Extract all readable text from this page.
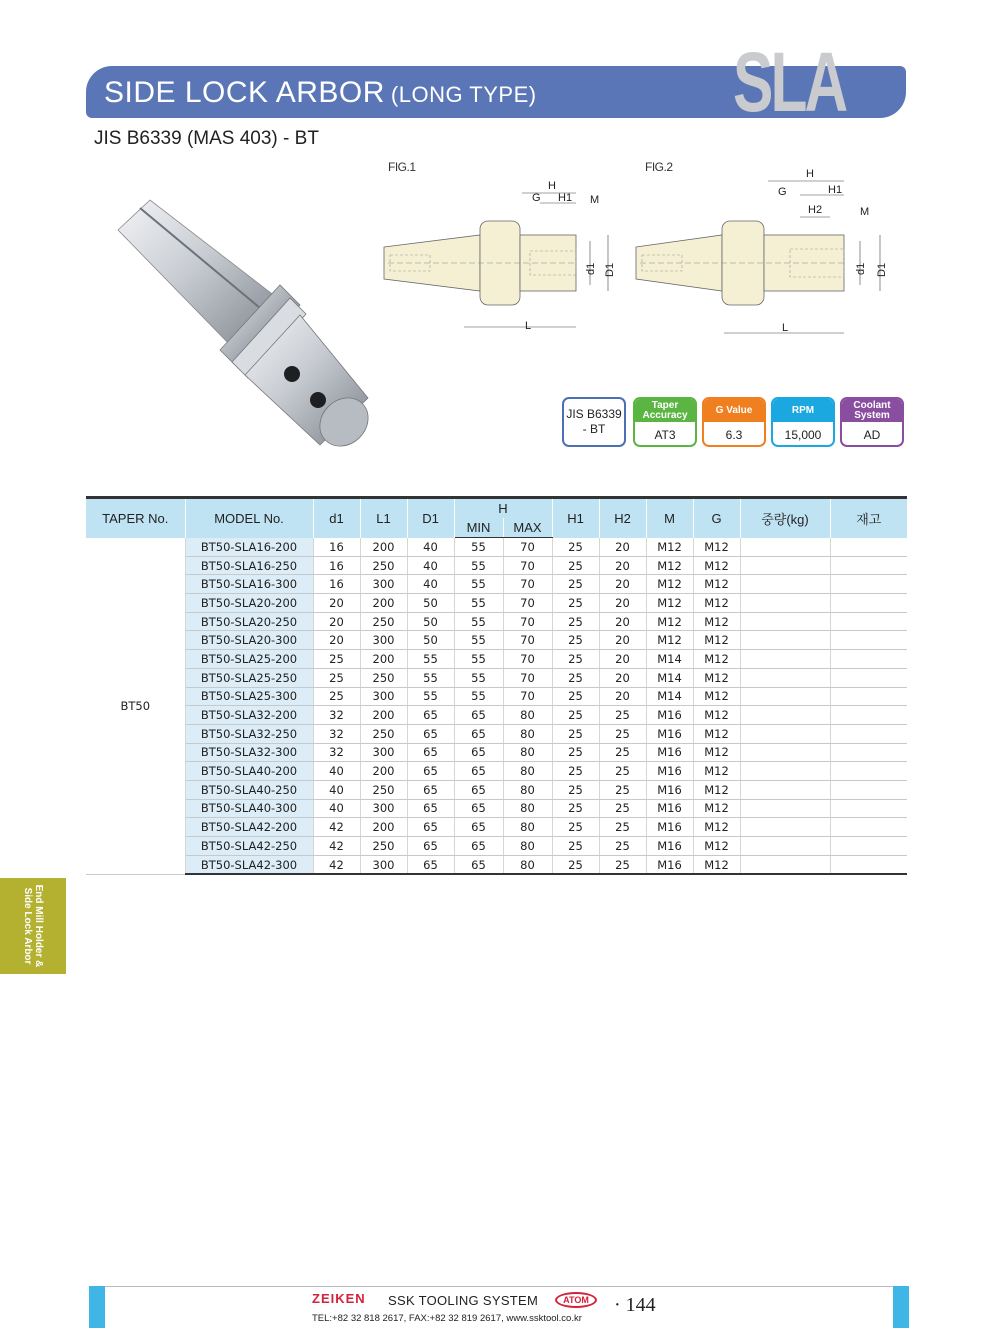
SIDE LOCK ARBOR (LONG TYPE) SLA
JIS B6339 (MAS 403) - BT
FIG.1	FIG.2
H
G H1 M
L
d1 D1
H
G	H1
H2	M
L
d1 D1
JIS B6339
- BT
Taper Accuracy
AT3
G Value
6.3
RPM
15,000
Coolant System
AD
TAPER No.	MODEL No.	d1	L1	D1	H		H1	H2	M	G	중량(kg)	재고
					MIN	MAX						
BT50	BT50-SLA16-200	16	200	40	55	70	25	20	M12	M12		
	BT50-SLA16-250	16	250	40	55	70	25	20	M12	M12		
	BT50-SLA16-300	16	300	40	55	70	25	20	M12	M12		
	BT50-SLA20-200	20	200	50	55	70	25	20	M12	M12		
	BT50-SLA20-250	20	250	50	55	70	25	20	M12	M12		
	BT50-SLA20-300	20	300	50	55	70	25	20	M12	M12		
	BT50-SLA25-200	25	200	55	55	70	25	20	M14	M12		
	BT50-SLA25-250	25	250	55	55	70	25	20	M14	M12		
	BT50-SLA25-300	25	300	55	55	70	25	20	M14	M12		
	BT50-SLA32-200	32	200	65	65	80	25	25	M16	M12		
	BT50-SLA32-250	32	250	65	65	80	25	25	M16	M12		
	BT50-SLA32-300	32	300	65	65	80	25	25	M16	M12		
	BT50-SLA40-200	40	200	65	65	80	25	25	M16	M12		
	BT50-SLA40-250	40	250	65	65	80	25	25	M16	M12		
	BT50-SLA40-300	40	300	65	65	80	25	25	M16	M12		
	BT50-SLA42-200	42	200	65	65	80	25	25	M16	M12		
	BT50-SLA42-250	42	250	65	65	80	25	25	M16	M12		
	BT50-SLA42-300	42	300	65	65	80	25	25	M16	M12		
End Mill Holder &
Side Lock Arbor
ZEIKEN SSK TOOLING SYSTEM	ATOM
TEL:+82 32 818 2617, FAX:+82 32 819 2617, www.ssktool.co.kr
· 144
